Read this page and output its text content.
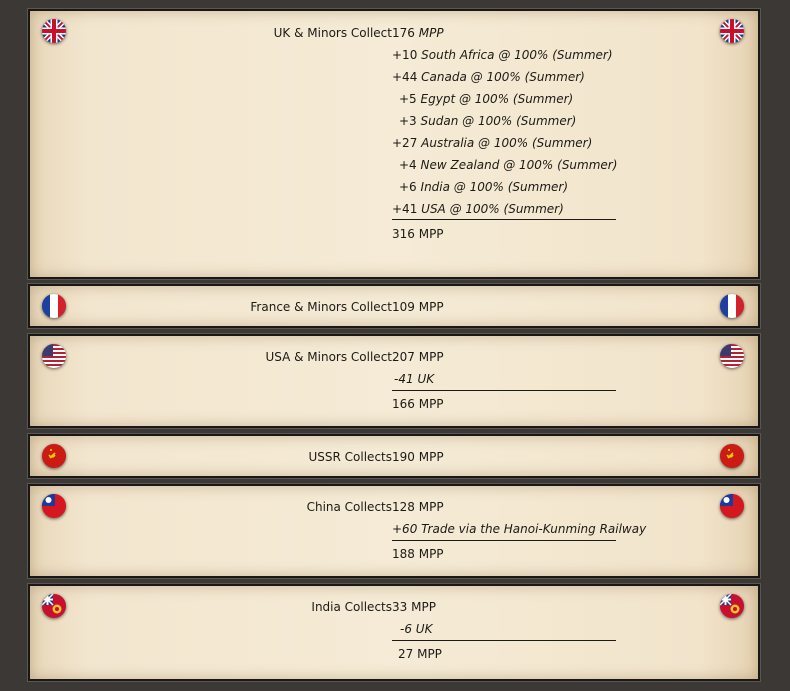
UK & Minors Collect 176 MPP
+10 South Africa @ 100% (Summer)
+44 Canada @ 100% (Summer)
+5 Egypt @ 100% (Summer)
+3 Sudan @ 100% (Summer)
+27 Australia @ 100% (Summer)
+4 New Zealand @ 100% (Summer)
+6 India @ 100% (Summer)
+41 USA @ 100% (Summer)
316 MPP
France & Minors Collect 109 MPP
USA & Minors Collect 207 MPP
-41 UK
166 MPP
USSR Collects 190 MPP
China Collects 128 MPP
+60 Trade via the Hanoi-Kunming Railway
188 MPP
India Collects 33 MPP
-6 UK
27 MPP
